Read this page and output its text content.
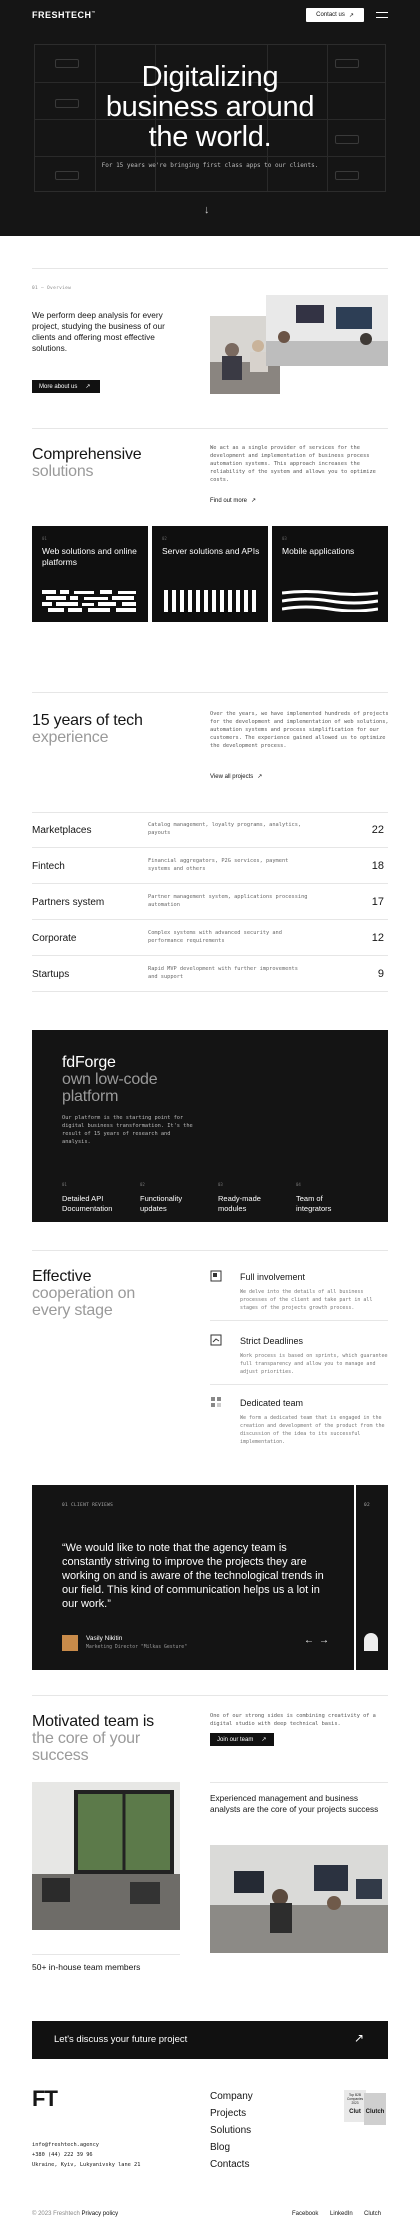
FRESHTECH™	Contact us ↗
Digitalizing
business around
the world.

For 15 years we're bringing first class apps to our clients.

↓
01 — Overview

We perform deep analysis for every project, studying the business of our clients and offering most effective solutions.

More about us ↗
Comprehensive
solutions

We act as a single provider of services for the development and implementation of business process automation systems. This approach increases the reliability of the system and allows you to optimize costs.

Find out more ↗
01
Web solutions and online platforms
02
Server solutions and APIs
03
Mobile applications
15 years of tech
experience

Over the years, we have implemented hundreds of projects for the development and implementation of web solutions, automation systems and process simplification for our customers. The experience gained allowed us to optimize the development process.

View all projects ↗
Marketplaces	Catalog management, loyalty programs, analytics, payouts	22
Fintech	Financial aggregators, P2G services, payment systems and others	18
Partners system	Partner management system, applications processing automation	17
Corporate	Complex systems with advanced security and performance requirements	12
Startups	Rapid MVP development with further improvements and support	9
fdForge
own low-code
platform

Our platform is the starting point for digital business transformation. It's the result of 15 years of research and analysis.

01
Detailed API Documentation
02
Functionality updates
03
Ready-made modules
04
Team of integrators
Effective
cooperation on
every stage
Full involvement
We delve into the details of all business processes of the client and take part in all stages of the projects growth process.
Strict Deadlines
Work process is based on sprints, which guarantee full transparency and allow you to manage and adjust priorities.
Dedicated team
We form a dedicated team that is engaged in the creation and development of the product from the discussion of the idea to its successful implementation.
01 CLIENT REVIEWS

“We would like to note that the agency team is constantly striving to improve the projects they are working on and is aware of the technological trends in our field. This kind of communication helps us a lot in our work.”

Vasily Nikitin
Marketing Director "Milkas Gesture"
← →
02
Motivated team is
the core of your
success

One of our strong sides is combining creativity of a digital studio with deep technical basis.

Join our team ↗

Experienced management and business analysts are the core of your projects success

50+ in-house team members
Let's discuss your future project	↗
FT
info@freshtech.agency
+380 (44) 222 39 96
Ukraine, Kyiv, Lukyanivsky lane 21
Company
Projects
Solutions
Blog
Contacts
Top B2B Companies 2023
Clut Clutch
© 2023 Freshtech Privacy policy	Facebook LinkedIn Clutch
